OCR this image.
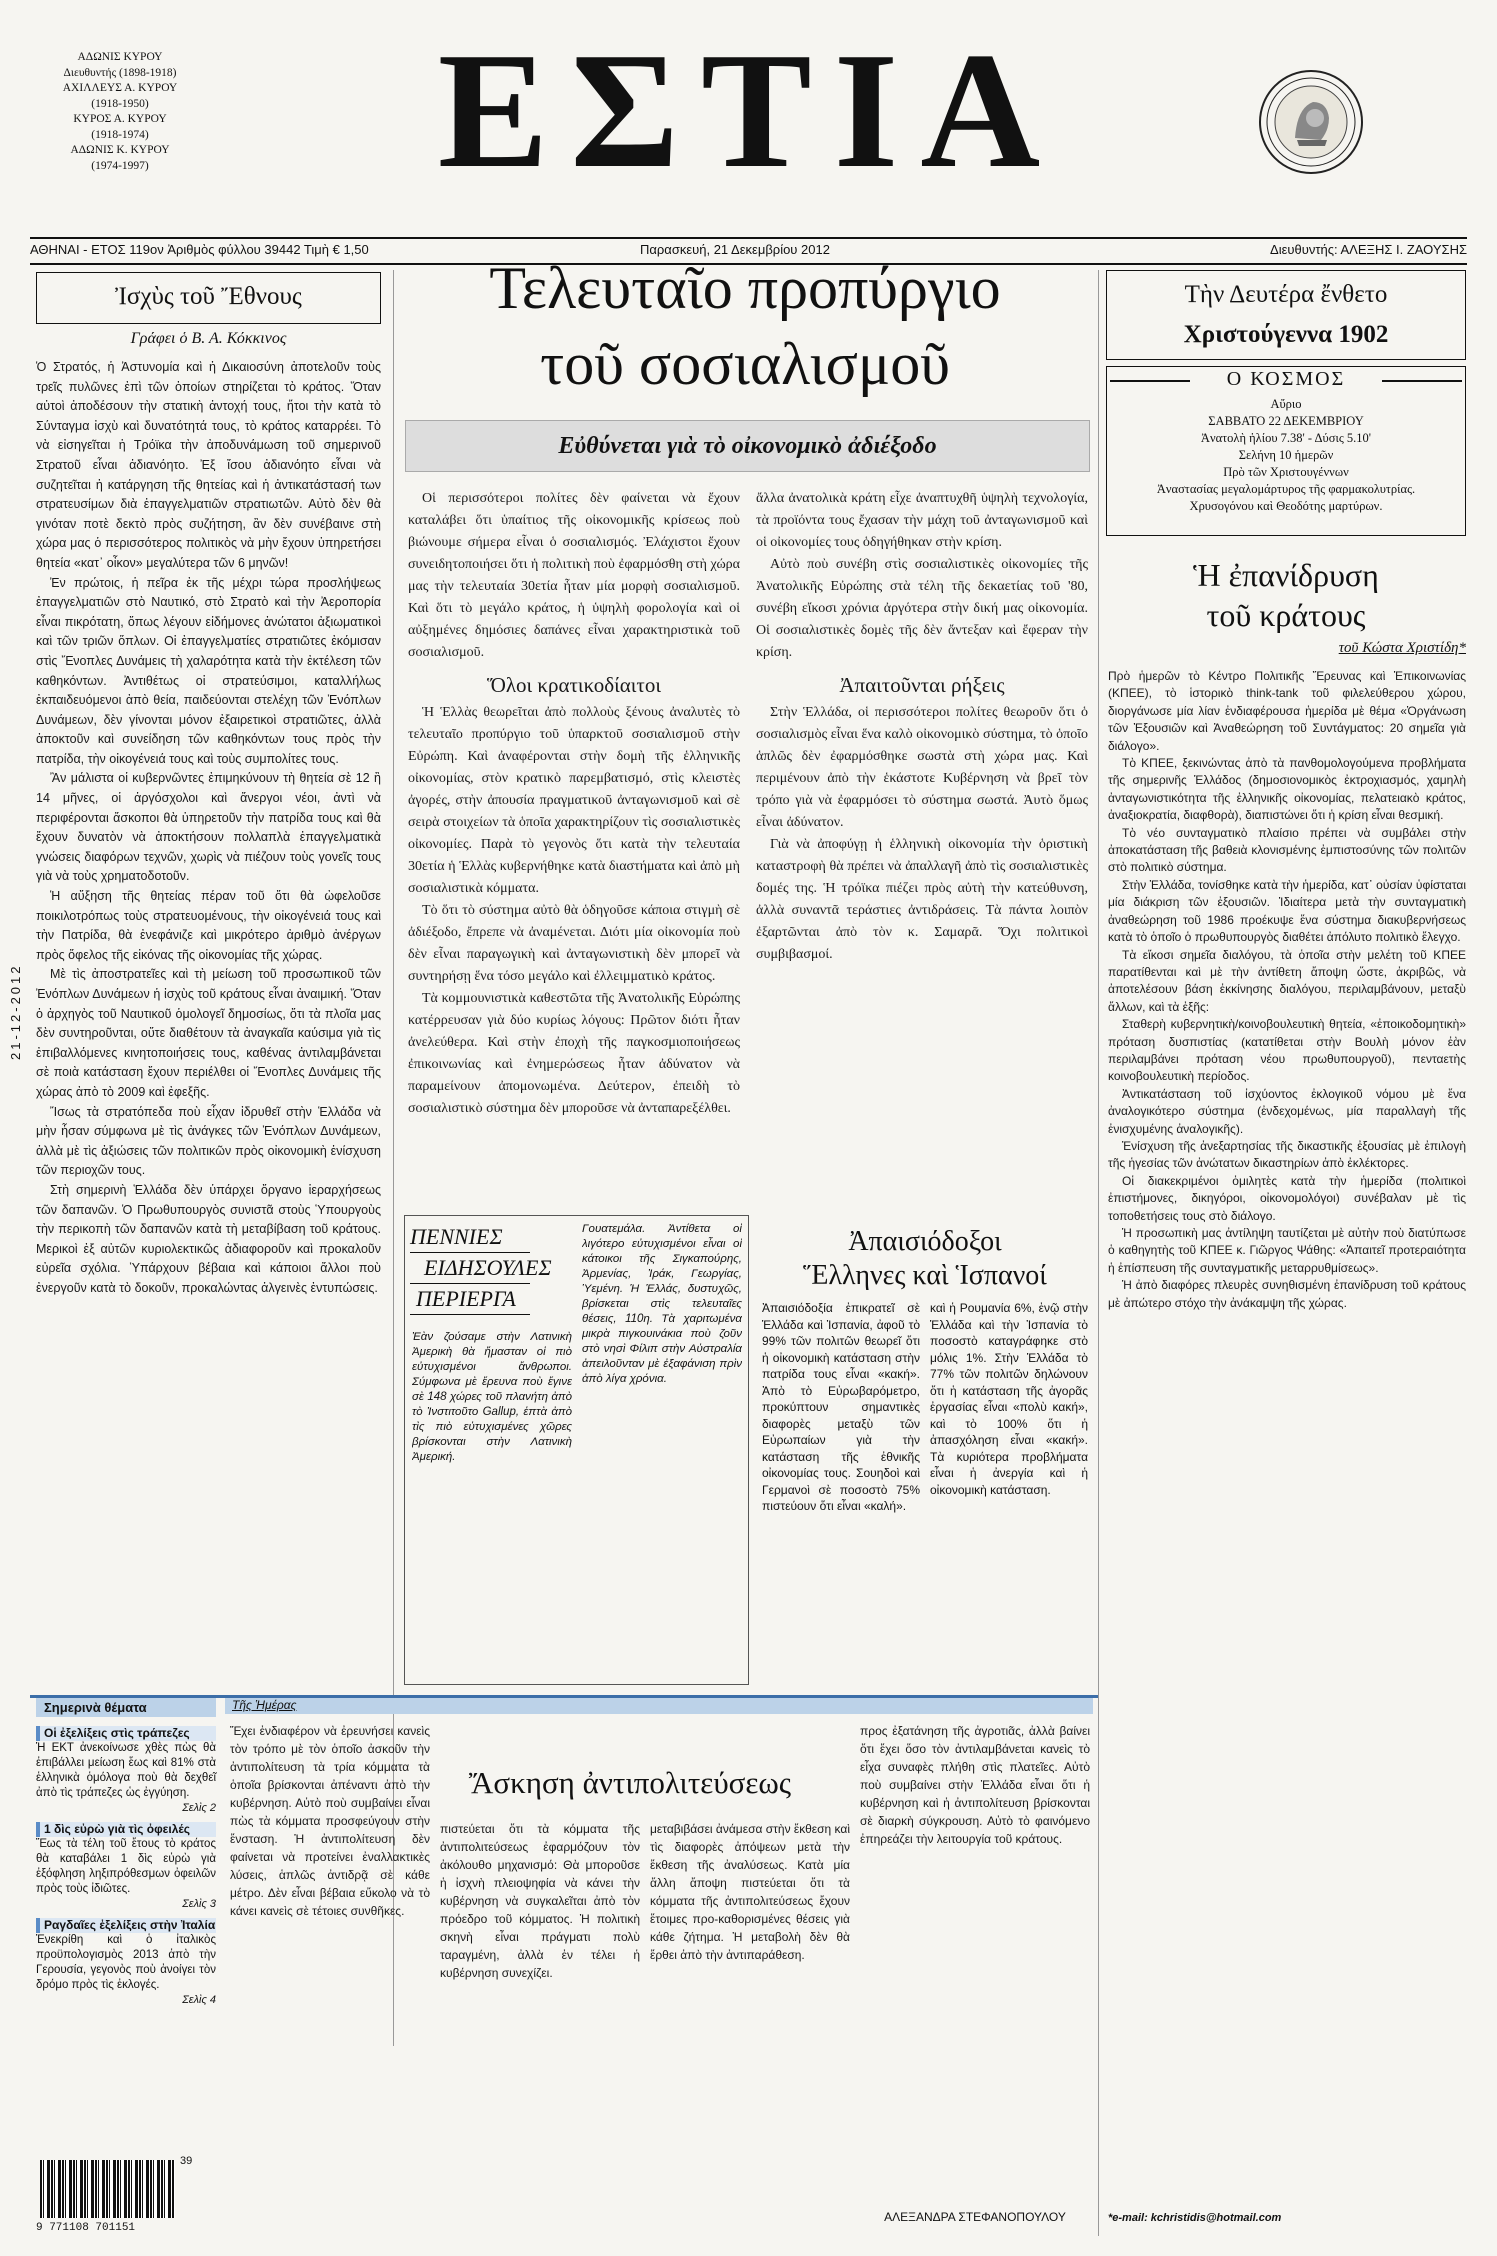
ΑΔΩΝΙΣ ΚΥΡΟΥ
Διευθυντής (1898-1918)
ΑΧΙΛΛΕΥΣ Α. ΚΥΡΟΥ
(1918-1950)
ΚΥΡΟΣ Α. ΚΥΡΟΥ
(1918-1974)
ΑΔΩΝΙΣ Κ. ΚΥΡΟΥ
(1974-1997)	ΕΣΤΙΑ
ΑΘΗΝΑΙ - ΕΤΟΣ 119ον Ἀριθμὸς φύλλου 39442 Τιμὴ € 1,50	Παρασκευή, 21 Δεκεμβρίου 2012	Διευθυντής: ΑΛΕΞΗΣ Ι. ΖΑΟΥΣΗΣ
21-12-2012
Ἰσχὺς τοῦ Ἔθνους
Γράφει ὁ Β. Α. Κόκκινος

Ὁ Στρατός, ἡ Ἀστυνομία καὶ ἡ Δικαιοσύνη ἀποτελοῦν τοὺς τρεῖς πυλῶνες ἐπὶ τῶν ὁποίων στηρίζεται τὸ κράτος. Ὅταν αὐτοὶ ἀποδέσουν τὴν στατικὴ ἀντοχή τους, ἤτοι τὴν κατὰ τὸ Σύνταγμα ἰσχὺ καὶ δυνατότητά τους, τὸ κράτος καταρρέει. Τὸ νὰ εἰσηγεῖται ἡ Τρόϊκα τὴν ἀποδυνάμωση τοῦ σημερινοῦ Στρατοῦ εἶναι ἀδιανόητο. Ἐξ ἴσου ἀδιανόητο εἶναι νὰ συζητεῖται ἡ κατάργηση τῆς θητείας καὶ ἡ ἀντικατάστασή των στρατευσίμων διὰ ἐπαγγελματιῶν στρατιωτῶν. Αὐτὸ δὲν θὰ γινόταν ποτὲ δεκτὸ πρὸς συζήτηση, ἂν δὲν συνέβαινε στὴ χώρα μας ὁ περισσότερος πολιτικὸς νὰ μὴν ἔχουν ὑπηρετήσει θητεία «κατ᾽ οἶκον» μεγαλύτερα τῶν 6 μηνῶν!

Ἐν πρώτοις, ἡ πεῖρα ἐκ τῆς μέχρι τώρα προσλήψεως ἐπαγγελματιῶν στὸ Ναυτικό, στὸ Στρατὸ καὶ τὴν Ἀεροπορία εἶναι πικρότατη, ὅπως λέγουν εἰδήμονες ἀνώτατοι ἀξιωματικοὶ καὶ τῶν τριῶν ὅπλων. Οἱ ἐπαγγελματίες στρατιῶτες ἐκόμισαν στὶς Ἔνοπλες Δυνάμεις τὴ χαλαρότητα κατὰ τὴν ἐκτέλεση τῶν καθηκόντων. Ἀντιθέτως οἱ στρατεύσιμοι, καταλλήλως ἐκπαιδευόμενοι ἀπὸ θεία, παιδεύονται στελέχη τῶν Ἐνόπλων Δυνάμεων, δὲν γίνονται μόνον ἐξαιρετικοὶ στρατιῶτες, ἀλλὰ ἀποκτοῦν καὶ συνείδηση τῶν καθηκόντων τους πρὸς τὴν πατρίδα, τὴν οἰκογένειά τους καὶ τοὺς συμπολίτες τους.

Ἂν μάλιστα οἱ κυβερνῶντες ἐπιμηκύνουν τὴ θητεία σὲ 12 ἢ 14 μῆνες, οἱ ἀργόσχολοι καὶ ἄνεργοι νέοι, ἀντὶ νὰ περιφέρονται ἄσκοποι θὰ ὑπηρετοῦν τὴν πατρίδα τους καὶ θὰ ἔχουν δυνατὸν νὰ ἀποκτήσουν πολλαπλὰ ἐπαγγελματικὰ γνώσεις διαφόρων τεχνῶν, χωρὶς νὰ πιέζουν τοὺς γονεῖς τους γιὰ νὰ τοὺς χρηματοδοτοῦν.

Ἡ αὔξηση τῆς θητείας πέραν τοῦ ὅτι θὰ ὠφελοῦσε ποικιλοτρόπως τοὺς στρατευομένους, τὴν οἰκογένειά τους καὶ τὴν Πατρίδα, θὰ ἐνεφάνιζε καὶ μικρότερο ἀριθμὸ ἀνέργων πρὸς ὄφελος τῆς εἰκόνας τῆς οἰκονομίας τῆς χώρας.

Μὲ τὶς ἀποστρατεῖες καὶ τὴ μείωση τοῦ προσωπικοῦ τῶν Ἐνόπλων Δυνάμεων ἡ ἰσχὺς τοῦ κράτους εἶναι ἀναιμική. Ὅταν ὁ ἀρχηγὸς τοῦ Ναυτικοῦ ὁμολογεῖ δημοσίως, ὅτι τὰ πλοῖα μας δὲν συντηροῦνται, οὔτε διαθέτουν τὰ ἀναγκαῖα καύσιμα γιὰ τὶς ἐπιβαλλόμενες κινητοποιήσεις τους, καθένας ἀντιλαμβάνεται σὲ ποιὰ κατάσταση ἔχουν περιέλθει οἱ Ἔνοπλες Δυνάμεις τῆς χώρας ἀπὸ τὸ 2009 καὶ ἐφεξῆς.

Ἴσως τὰ στρατόπεδα ποὺ εἶχαν ἱδρυθεῖ στὴν Ἑλλάδα νὰ μὴν ἦσαν σύμφωνα μὲ τὶς ἀνάγκες τῶν Ἐνόπλων Δυνάμεων, ἀλλὰ μὲ τὶς ἀξιώσεις τῶν πολιτικῶν πρὸς οἰκονομικὴ ἐνίσχυση τῶν περιοχῶν τους.

Στὴ σημερινὴ Ἑλλάδα δὲν ὑπάρχει ὄργανο ἱεραρχήσεως τῶν δαπανῶν. Ὁ Πρωθυπουργὸς συνιστᾶ στοὺς Ὑπουργοὺς τὴν περικοπὴ τῶν δαπανῶν κατὰ τὴ μεταβίβαση τοῦ κράτους. Μερικοὶ ἐξ αὐτῶν κυριολεκτικῶς ἀδιαφοροῦν καὶ προκαλοῦν εὐρεῖα σχόλια. Ὑπάρχουν βέβαια καὶ κάποιοι ἄλλοι ποὺ ἐνεργοῦν κατὰ τὸ δοκοῦν, προκαλώντας ἀλγεινὲς ἐντυπώσεις.

Τελευταῖο προπύργιο
τοῦ σοσιαλισμοῦ
Εὐθύνεται γιὰ τὸ οἰκονομικὸ ἀδιέξοδο

Οἱ περισσότεροι πολίτες δὲν φαίνεται νὰ ἔχουν καταλάβει ὅτι ὑπαίτιος τῆς οἰκονομικῆς κρίσεως ποὺ βιώνουμε σήμερα εἶναι ὁ σοσιαλισμός. Ἐλάχιστοι ἔχουν συνειδητοποιήσει ὅτι ἡ πολιτικὴ ποὺ ἐφαρμόσθη στὴ χώρα μας τὴν τελευταία 30ετία ἦταν μία μορφὴ σοσιαλισμοῦ. Καὶ ὅτι τὸ μεγάλο κράτος, ἡ ὑψηλὴ φορολογία καὶ οἱ αὐξημένες δημόσιες δαπάνες εἶναι χαρακτηριστικὰ τοῦ σοσιαλισμοῦ.

Ὅλοι κρατικοδίαιτοι

Ἡ Ἑλλὰς θεωρεῖται ἀπὸ πολλοὺς ξένους ἀναλυτὲς τὸ τελευταῖο προπύργιο τοῦ ὑπαρκτοῦ σοσιαλισμοῦ στὴν Εὐρώπη. Καὶ ἀναφέρονται στὴν δομὴ τῆς ἑλληνικῆς οἰκονομίας, στὸν κρατικὸ παρεμβατισμό, στὶς κλειστὲς ἀγορές, στὴν ἀπουσία πραγματικοῦ ἀνταγωνισμοῦ καὶ σὲ σειρὰ στοιχείων τὰ ὁποῖα χαρακτηρίζουν τὶς σοσιαλιστικὲς οἰκονομίες. Παρὰ τὸ γεγονὸς ὅτι κατὰ τὴν τελευταία 30ετία ἡ Ἑλλὰς κυβερνήθηκε κατὰ διαστήματα καὶ ἀπὸ μὴ σοσιαλιστικὰ κόμματα.

Τὸ ὅτι τὸ σύστημα αὐτὸ θὰ ὁδηγοῦσε κάποια στιγμὴ σὲ ἀδιέξοδο, ἔπρεπε νὰ ἀναμένεται. Διότι μία οἰκονομία ποὺ δὲν εἶναι παραγωγικὴ καὶ ἀνταγωνιστικὴ δὲν μπορεῖ νὰ συντηρήσῃ ἕνα τόσο μεγάλο καὶ ἐλλειμματικὸ κράτος.

Τὰ κομμουνιστικὰ καθεστῶτα τῆς Ἀνατολικῆς Εὐρώπης κατέρρευσαν γιὰ δύο κυρίως λόγους: Πρῶτον διότι ἦταν ἀνελεύθερα. Καὶ στὴν ἐποχὴ τῆς παγκοσμιοποιήσεως ἐπικοινωνίας καὶ ἐνημερώσεως ἦταν ἀδύνατον νὰ παραμείνουν ἀπομονωμένα. Δεύτερον, ἐπειδὴ τὸ σοσιαλιστικὸ σύστημα δὲν μποροῦσε νὰ ἀνταπαρεξέλθει.

ἄλλα ἀνατολικὰ κράτη εἶχε ἀναπτυχθῆ ὑψηλὴ τεχνολογία, τὰ προϊόντα τους ἔχασαν τὴν μάχη τοῦ ἀνταγωνισμοῦ καὶ οἱ οἰκονομίες τους ὁδηγήθηκαν στὴν κρίση.

Αὐτὸ ποὺ συνέβη στὶς σοσιαλιστικὲς οἰκονομίες τῆς Ἀνατολικῆς Εὐρώπης στὰ τέλη τῆς δεκαετίας τοῦ '80, συνέβη εἴκοσι χρόνια ἀργότερα στὴν δική μας οἰκονομία. Οἱ σοσιαλιστικὲς δομὲς τῆς δὲν ἄντεξαν καὶ ἔφεραν τὴν κρίση.

Ἀπαιτοῦνται ρήξεις

Στὴν Ἑλλάδα, οἱ περισσότεροι πολίτες θεωροῦν ὅτι ὁ σοσιαλισμὸς εἶναι ἕνα καλὸ οἰκονομικὸ σύστημα, τὸ ὁποῖο ἁπλῶς δὲν ἐφαρμόσθηκε σωστὰ στὴ χώρα μας. Καὶ περιμένουν ἀπὸ τὴν ἑκάστοτε Κυβέρνηση νὰ βρεῖ τὸν τρόπο γιὰ νὰ ἐφαρμόσει τὸ σύστημα σωστά. Ἀυτὸ ὅμως εἶναι ἀδύνατον.

Γιὰ νὰ ἀποφύγῃ ἡ ἑλληνικὴ οἰκονομία τὴν ὁριστικὴ καταστροφὴ θὰ πρέπει νὰ ἀπαλλαγῆ ἀπὸ τὶς σοσιαλιστικὲς δομές της. Ἡ τρόϊκα πιέζει πρὸς αὐτὴ τὴν κατεύθυνση, ἀλλὰ συναντᾶ τεράστιες ἀντιδράσεις. Τὰ πάντα λοιπὸν ἐξαρτῶνται ἀπὸ τὸν κ. Σαμαρᾶ. Ὅχι πολιτικοὶ συμβιβασμοί.

ΠΕΝΝΙΕΣ
ΕΙΔΗΣΟΥΛΕΣ
ΠΕΡΙΕΡΓΑ
Ἐὰν ζούσαμε στὴν Λατινικὴ Ἀμερικὴ θὰ ἥμασταν οἱ πιὸ εὐτυχισμένοι ἄνθρωποι. Σύμφωνα μὲ ἔρευνα ποὺ ἔγινε σὲ 148 χώρες τοῦ πλανήτη ἀπὸ τὸ Ἰνστιτοῦτο Gallup, ἑπτὰ ἀπὸ τὶς πιὸ εὐτυχισμένες χῶρες βρίσκονται στὴν Λατινικὴ Ἀμερική.
Γουατεμάλα. Ἀντίθετα οἱ λιγότερο εὐτυχισμένοι εἶναι οἱ κάτοικοι τῆς Σιγκαπούρης, Ἀρμενίας, Ἰράκ, Γεωργίας, Ὑεμένη. Ἡ Ἑλλάς, δυστυχῶς, βρίσκεται στὶς τελευταῖες θέσεις, 110η. Τὰ χαριτωμένα μικρὰ πιγκουινάκια ποὺ ζοῦν στὸ νησὶ Φίλιπ στὴν Αὐστραλία ἀπειλοῦνταν μὲ ἐξαφάνιση πρὶν ἀπὸ λίγα χρόνια.
Ἀπαισιόδοξοι
Ἕλληνες καὶ Ἱσπανοί
Ἀπαισιόδοξία ἐπικρατεῖ σὲ Ἑλλάδα καὶ Ἱσπανία, ἀφοῦ τὸ 99% τῶν πολιτῶν θεωρεῖ ὅτι ἡ οἰκονομικὴ κατάσταση στὴν πατρίδα τους εἶναι «κακή». Ἀπὸ τὸ Εὐρωβαρόμετρο, προκύπτουν σημαντικὲς διαφορὲς μεταξὺ τῶν Εὐρωπαίων γιὰ τὴν κατάσταση τῆς ἐθνικῆς οἰκονομίας τους. Σουηδοὶ καὶ Γερμανοὶ σὲ ποσοστὸ 75% πιστεύουν ὅτι εἶναι «καλή».
καὶ ἡ Ρουμανία 6%, ἐνῷ στὴν Ἑλλάδα καὶ τὴν Ἱσπανία τὸ ποσοστὸ καταγράφηκε στὸ μόλις 1%. Στὴν Ἑλλάδα τὸ 77% τῶν πολιτῶν δηλώνουν ὅτι ἡ κατάσταση τῆς ἀγορᾶς ἐργασίας εἶναι «πολὺ κακή», καὶ τὸ 100% ὅτι ἡ ἀπασχόληση εἶναι «κακή». Τὰ κυριότερα προβλήματα εἶναι ἡ ἀνεργία καὶ ἡ οἰκονομικὴ κατάσταση.
Τὴν Δευτέρα ἔνθετο
Χριστούγεννα 1902
Ο ΚΟΣΜΟΣ
Αὔριο
ΣΑΒΒΑΤΟ 22 ΔΕΚΕΜΒΡΙΟΥ
Ἀνατολὴ ἡλίου 7.38' - Δύσις 5.10'
Σελήνη 10 ἡμερῶν
Πρὸ τῶν Χριστουγέννων
Ἀναστασίας μεγαλομάρτυρος τῆς φαρμακολυτρίας.
Χρυσογόνου καὶ Θεοδότης μαρτύρων.
Ἡ ἐπανίδρυση
τοῦ κράτους
τοῦ Κώστα Χριστίδη*

Πρὸ ἡμερῶν τὸ Κέντρο Πολιτικῆς Ἔρευνας καὶ Ἐπικοινωνίας (ΚΠΕΕ), τὸ ἱστορικὸ think-tank τοῦ φιλελεύθερου χώρου, διοργάνωσε μία λίαν ἐνδιαφέρουσα ἡμερίδα μὲ θέμα «Ὀργάνωση τῶν Ἐξουσιῶν καὶ Ἀναθεώρηση τοῦ Συντάγματος: 20 σημεῖα γιὰ διάλογο».

Τὸ ΚΠΕΕ, ξεκινώντας ἀπὸ τὰ πανθομολογούμενα προβλήματα τῆς σημερινῆς Ἑλλάδος (δημοσιονομικὸς ἐκτροχιασμός, χαμηλὴ ἀνταγωνιστικότητα τῆς ἑλληνικῆς οἰκονομίας, πελατειακὸ κράτος, ἀναξιοκρατία, διαφθορὰ), διαπιστώνει ὅτι ἡ κρίση εἶναι θεσμική.

Τὸ νέο συνταγματικὸ πλαίσιο πρέπει νὰ συμβάλει στὴν ἀποκατάσταση τῆς βαθειὰ κλονισμένης ἐμπιστοσύνης τῶν πολιτῶν στὸ πολιτικὸ σύστημα.

Στὴν Ἑλλάδα, τονίσθηκε κατὰ τὴν ἡμερίδα, κατ᾽ οὐσίαν ὑφίσταται μία διάκριση τῶν ἐξουσιῶν. Ἰδιαίτερα μετὰ τὴν συνταγματικὴ ἀναθεώρηση τοῦ 1986 προέκυψε ἕνα σύστημα διακυβερνήσεως κατὰ τὸ ὁποῖο ὁ πρωθυπουργὸς διαθέτει ἀπόλυτο πολιτικὸ ἔλεγχο.

Τὰ εἴκοσι σημεῖα διαλόγου, τὰ ὁποῖα στὴν μελέτη τοῦ ΚΠΕΕ παρατίθενται καὶ μὲ τὴν ἀντίθετη ἄποψη ὥστε, ἀκριβῶς, νὰ ἀποτελέσουν βάση ἐκκίνησης διαλόγου, περιλαμβάνουν, μεταξὺ ἄλλων, καὶ τὰ ἑξῆς:

Σταθερὴ κυβερνητικὴ/κοινοβουλευτικὴ θητεία, «ἐποικοδομητικὴ» πρόταση δυσπιστίας (κατατίθεται στὴν Βουλὴ μόνον ἐὰν περιλαμβάνει πρόταση νέου πρωθυπουργοῦ), πενταετὴς κοινοβουλευτικὴ περίοδος.

Ἀντικατάσταση τοῦ ἰσχύοντος ἐκλογικοῦ νόμου μὲ ἕνα ἀναλογικότερο σύστημα (ἐνδεχομένως, μία παραλλαγὴ τῆς ἐνισχυμένης ἀναλογικῆς).

Ἐνίσχυση τῆς ἀνεξαρτησίας τῆς δικαστικῆς ἐξουσίας μὲ ἐπιλογὴ τῆς ἡγεσίας τῶν ἀνώτατων δικαστηρίων ἀπὸ ἐκλέκτορες.

Οἱ διακεκριμένοι ὁμιλητὲς κατὰ τὴν ἡμερίδα (πολιτικοὶ ἐπιστήμονες, δικηγόροι, οἰκονομολόγοι) συνέβαλαν μὲ τὶς τοποθετήσεις τους στὸ διάλογο.

Ἡ προσωπικὴ μας ἀντίληψη ταυτίζεται μὲ αὐτὴν ποὺ διατύπωσε ὁ καθηγητὴς τοῦ ΚΠΕΕ κ. Γιῶργος Ψάθης: «Ἀπαιτεῖ προτεραιότητα ἡ ἐπίσπευση τῆς συνταγματικῆς μεταρρυθμίσεως».

Ἡ ἀπὸ διαφόρες πλευρὲς συνηθισμένη ἐπανίδρυση τοῦ κράτους μὲ ἀπώτερο στόχο τὴν ἀνάκαμψη τῆς χώρας.

*e-mail: kchristidis@hotmail.com
Σημερινὰ θέματα
Οἱ ἐξελίξεις στὶς τράπεζες
Ἡ ΕΚΤ ἀνεκοίνωσε χθὲς πὼς θὰ ἐπιβάλλει μείωση ἕως καὶ 81% στὰ ἑλληνικὰ ὁμόλογα ποὺ θὰ δεχθεῖ ἀπὸ τὶς τράπεζες ὡς ἐγγύηση.
Σελὶς 2
1 δὶς εὐρὼ γιὰ τὶς ὀφειλές
Ἕως τὰ τέλη τοῦ ἔτους τὸ κράτος θὰ καταβάλει 1 δὶς εὐρὼ γιὰ ἐξόφληση ληξιπρόθεσμων ὀφειλῶν πρὸς τοὺς ἰδιῶτες.
Σελὶς 3
Ραγδαῖες ἐξελίξεις στὴν Ἰταλία
Ἐνεκρίθη καὶ ὁ ἰταλικὸς προϋπολογισμὸς 2013 ἀπὸ τὴν Γερουσία, γεγονὸς ποὺ ἀνοίγει τὸν δρόμο πρὸς τὶς ἐκλογές.
Σελὶς 4
39
9 771108 701151
Τῆς Ἡμέρας
Ἄσκηση ἀντιπολιτεύσεως
Ἔχει ἐνδιαφέρον νὰ ἐρευνήσει κανεὶς τὸν τρόπο μὲ τὸν ὁποῖο ἀσκοῦν τὴν ἀντιπολίτευση τὰ τρία κόμματα τὰ ὁποῖα βρίσκονται ἀπέναντι ἀπὸ τὴν κυβέρνηση. Αὐτὸ ποὺ συμβαίνει εἶναι πὼς τὰ κόμματα προσφεύγουν στὴν ἔνσταση. Ἡ ἀντιπολίτευση δὲν φαίνεται νὰ προτείνει ἐναλλακτικὲς λύσεις, ἁπλῶς ἀντιδρᾷ σὲ κάθε μέτρο. Δὲν εἶναι βέβαια εὔκολο νὰ τὸ κάνει κανεὶς σὲ τέτοιες συνθῆκες.
πιστεύεται ὅτι τὰ κόμματα τῆς ἀντιπολιτεύσεως ἐφαρμόζουν τὸν ἀκόλουθο μηχανισμό: Θὰ μποροῦσε ἡ ἰσχνὴ πλειοψηφία νὰ κάνει τὴν κυβέρνηση νὰ συγκαλεῖται ἀπὸ τὸν πρόεδρο τοῦ κόμματος. Ἡ πολιτικὴ σκηνὴ εἶναι πράγματι πολὺ ταραγμένη, ἀλλὰ ἐν τέλει ἡ κυβέρνηση συνεχίζει.
μεταβιβάσει ἀνάμεσα στὴν ἔκθεση καὶ τὶς διαφορὲς ἀπόψεων μετὰ τὴν ἔκθεση τῆς ἀναλύσεως. Κατὰ μία ἄλλη ἄποψη πιστεύεται ὅτι τὰ κόμματα τῆς ἀντιπολιτεύσεως ἔχουν ἕτοιμες προ-καθορισμένες θέσεις γιὰ κάθε ζήτημα. Ἡ μεταβολὴ δὲν θὰ ἔρθει ἀπὸ τὴν ἀντιπαράθεση.
προς ἐξατάνηση τῆς ἀγροτιᾶς, ἀλλὰ βαίνει ὅτι ἔχει ὅσο τὸν ἀντιλαμβάνεται κανεὶς τὸ εἶχα συναφὲς πλήθη στὶς πλατεῖες. Αὐτὸ ποὺ συμβαίνει στὴν Ἑλλάδα εἶναι ὅτι ἡ κυβέρνηση καὶ ἡ ἀντιπολίτευση βρίσκονται σὲ διαρκὴ σύγκρουση. Αὐτὸ τὸ φαινόμενο ἐπηρεάζει τὴν λειτουργία τοῦ κράτους.
ΑΛΕΞΑΝΔΡΑ ΣΤΕΦΑΝΟΠΟΥΛΟΥ
